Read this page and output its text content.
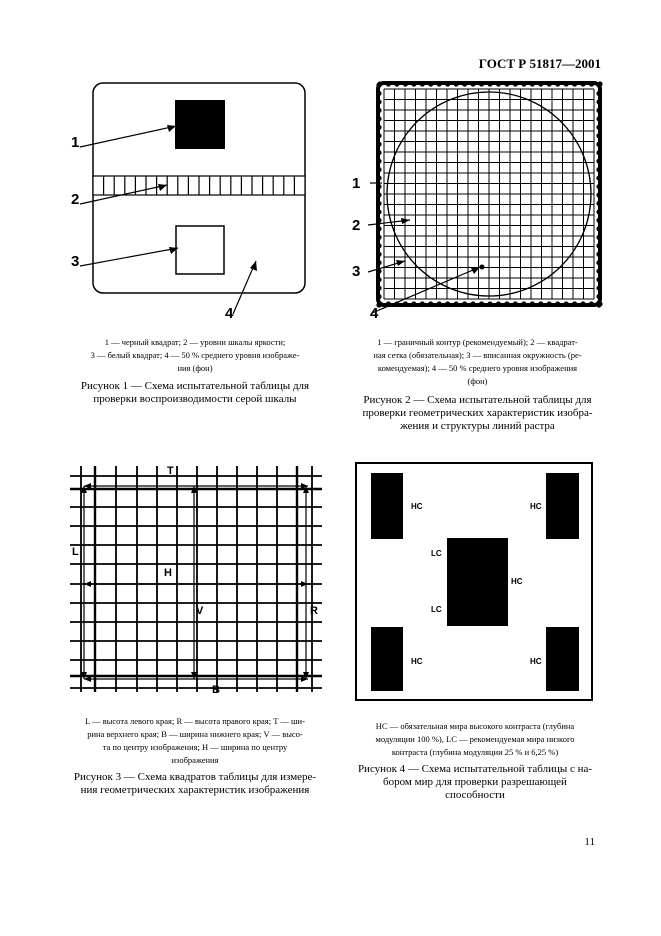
ГОСТ Р 51817—2001
1
2
3
4
1 — черный квадрат; 2 — уровни шкалы яркости;
3 — белый квадрат; 4 — 50 % среднего уровня изображе-
ния (фон)
Рисунок 1 — Схема испытательной таблицы для
проверки воспроизводимости серой шкалы
1
2
3
4
1 — граничный контур (рекомендуемый); 2 — квадрат-
ная сетка (обязательная); 3 — вписанная окружность (ре-
комендуемая); 4 — 50 % среднего уровня изображения
(фон)
Рисунок 2 — Схема испытательной таблицы для
проверки геометрических характеристик изобра-
жения и структуры линий растра
T
L
H
V	R
B
L — высота левого края; R — высота правого края; T — ши-
рина верхнего края; B — ширина нижнего края; V — высо-
та по центру изображения; H — ширина по центру
изображения
Рисунок 3 — Схема квадратов таблицы для измере-
ния геометрических характеристик изображения
HC	HC
LC
HC
LC
HC	HC
HC — обязательная мира высокого контраста (глубина
модуляции 100 %), LC — рекомендуемая мира низкого
контраста (глубина модуляции 25 % и 6,25 %)
Рисунок 4 — Схема испытательной таблицы с на-
бором мир для проверки разрешающей
способности
11
